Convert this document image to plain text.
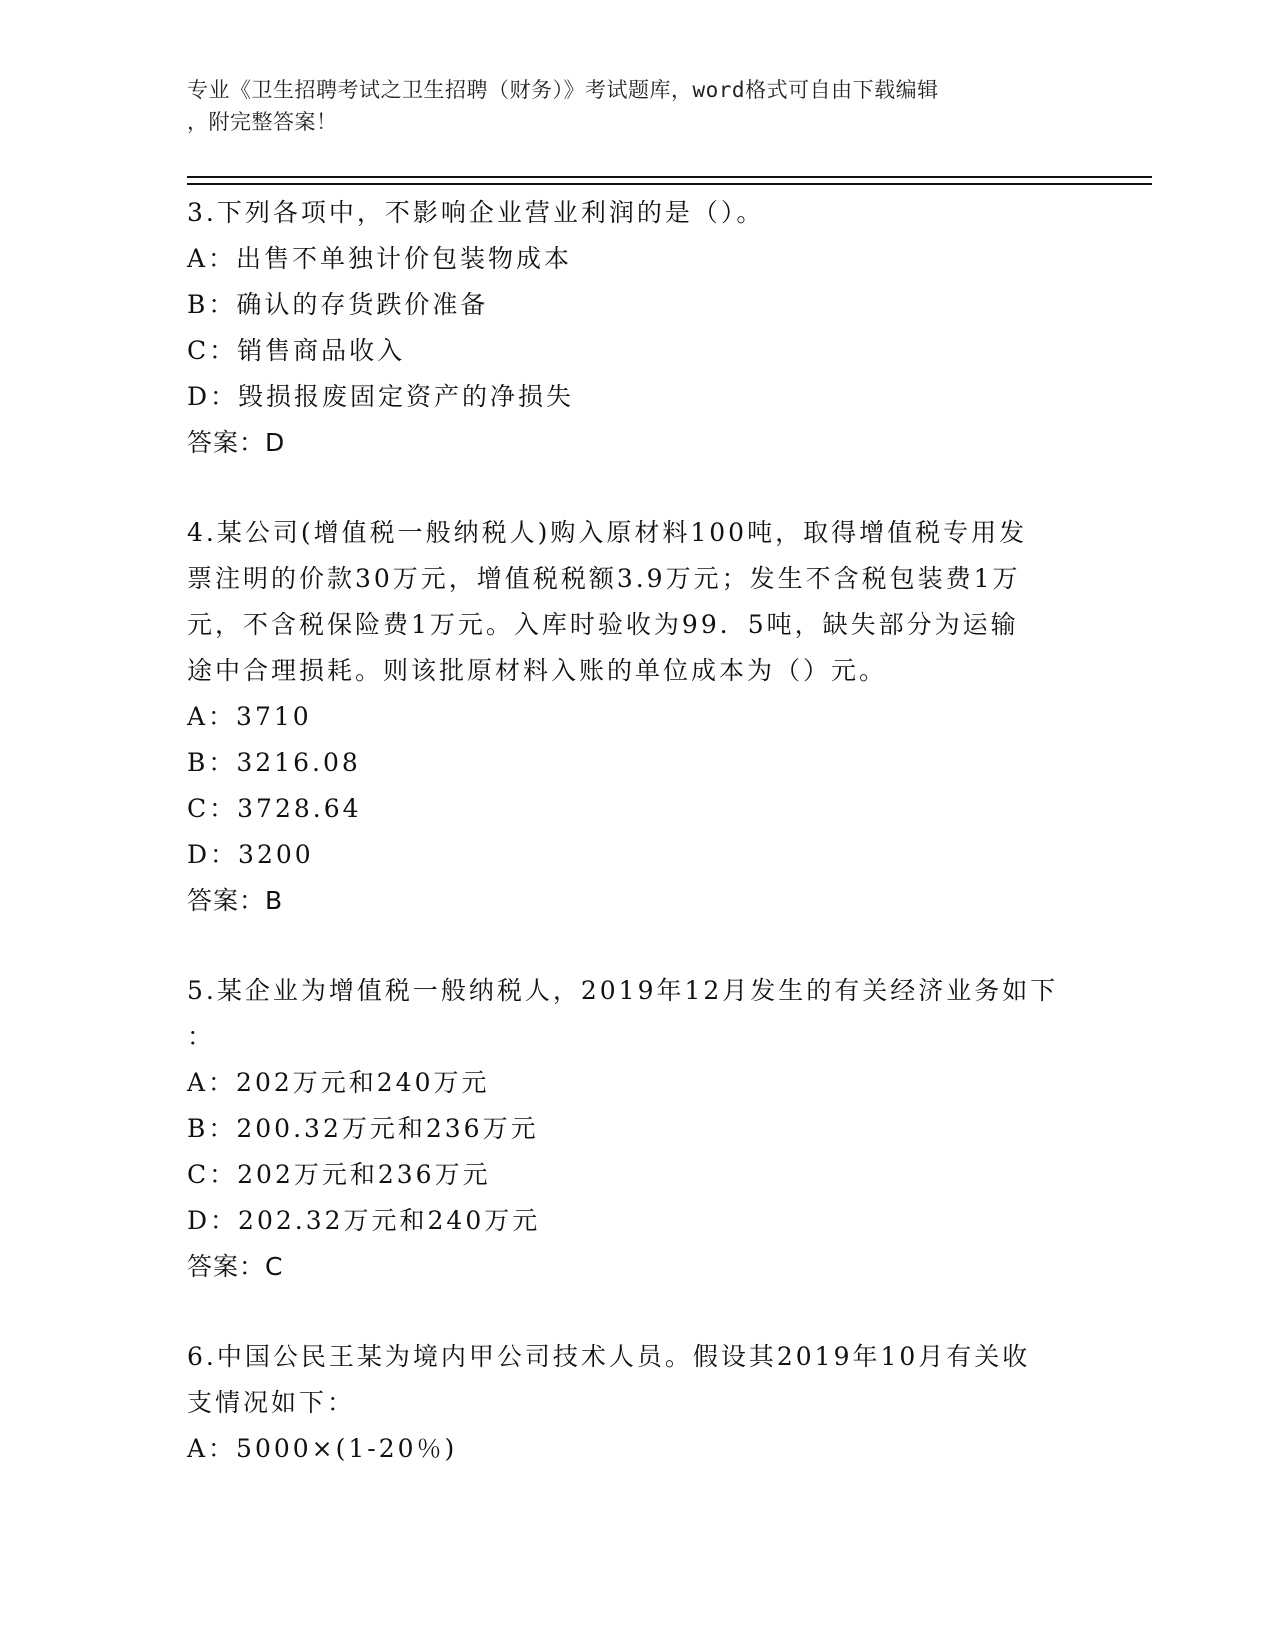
专业《卫生招聘考试之卫生招聘（财务）》考试题库，word格式可自由下载编辑
，附完整答案！
3.下列各项中，不影响企业营业利润的是（）。
A：出售不单独计价包装物成本
B：确认的存货跌价准备
C：销售商品收入
D：毁损报废固定资产的净损失
答案：D
4.某公司(增值税一般纳税人)购入原材料100吨，取得增值税专用发
票注明的价款30万元，增值税税额3.9万元；发生不含税包装费1万
元，不含税保险费1万元。入库时验收为99．5吨，缺失部分为运输
途中合理损耗。则该批原材料入账的单位成本为（）元。
A：3710
B：3216.08
C：3728.64
D：3200
答案：B
5.某企业为增值税一般纳税人，2019年12月发生的有关经济业务如下
：
A：202万元和240万元
B：200.32万元和236万元
C：202万元和236万元
D：202.32万元和240万元
答案：C
6.中国公民王某为境内甲公司技术人员。假设其2019年10月有关收
支情况如下：
A：5000×(1-20％)
